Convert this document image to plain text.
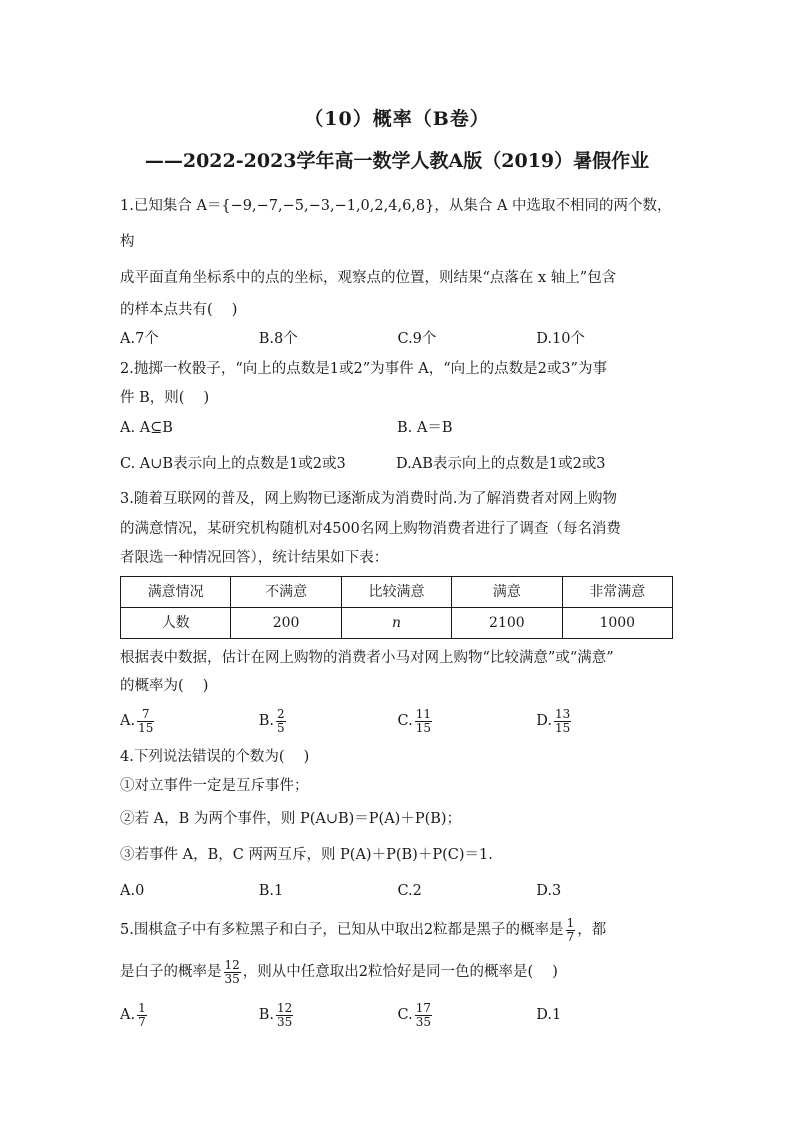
（10）概率（B卷）
——2022-2023学年高一数学人教A版（2019）暑假作业

1.已知集合 A＝{−9,−7,−5,−3,−1,0,2,4,6,8}，从集合 A 中选取不相同的两个数，构

成平面直角坐标系中的点的坐标，观察点的位置，则结果“点落在 x 轴上”包含

的样本点共有(　 )

A.7个	B.8个	C.9个	D.10个

2.抛掷一枚骰子，“向上的点数是1或2”为事件 A，“向上的点数是2或3”为事

件 B，则(　 )

A. A⊆B	B. A＝B
C. A∪B表示向上的点数是1或2或3	D.AB表示向上的点数是1或2或3

3.随着互联网的普及，网上购物已逐渐成为消费时尚.为了解消费者对网上购物

的满意情况，某研究机构随机对4500名网上购物消费者进行了调查（每名消费

者限选一种情况回答），统计结果如下表：

满意情况	不满意	比较满意	满意	非常满意
人数	200	n	2100	1000

根据表中数据，估计在网上购物的消费者小马对网上购物“比较满意”或“满意”

的概率为(　 )

A. $\frac{7}{15}$	B. $\frac{2}{5}$	C. $\frac{11}{15}$	D. $\frac{13}{15}$

4.下列说法错误的个数为(　 )

①对立事件一定是互斥事件；

②若 A，B 为两个事件，则 P(A∪B)＝P(A)＋P(B)；

③若事件 A，B，C 两两互斥，则 P(A)＋P(B)＋P(C)＝1.

A.0	B.1	C.2	D.3

5.围棋盒子中有多粒黑子和白子，已知从中取出2粒都是黑子的概率是 $\frac{1}{7}$ ，都

是白子的概率是 $\frac{12}{35}$ ，则从中任意取出2粒恰好是同一色的概率是(　 )

A. $\frac{1}{7}$	B. $\frac{12}{35}$	C. $\frac{17}{35}$	D.1
